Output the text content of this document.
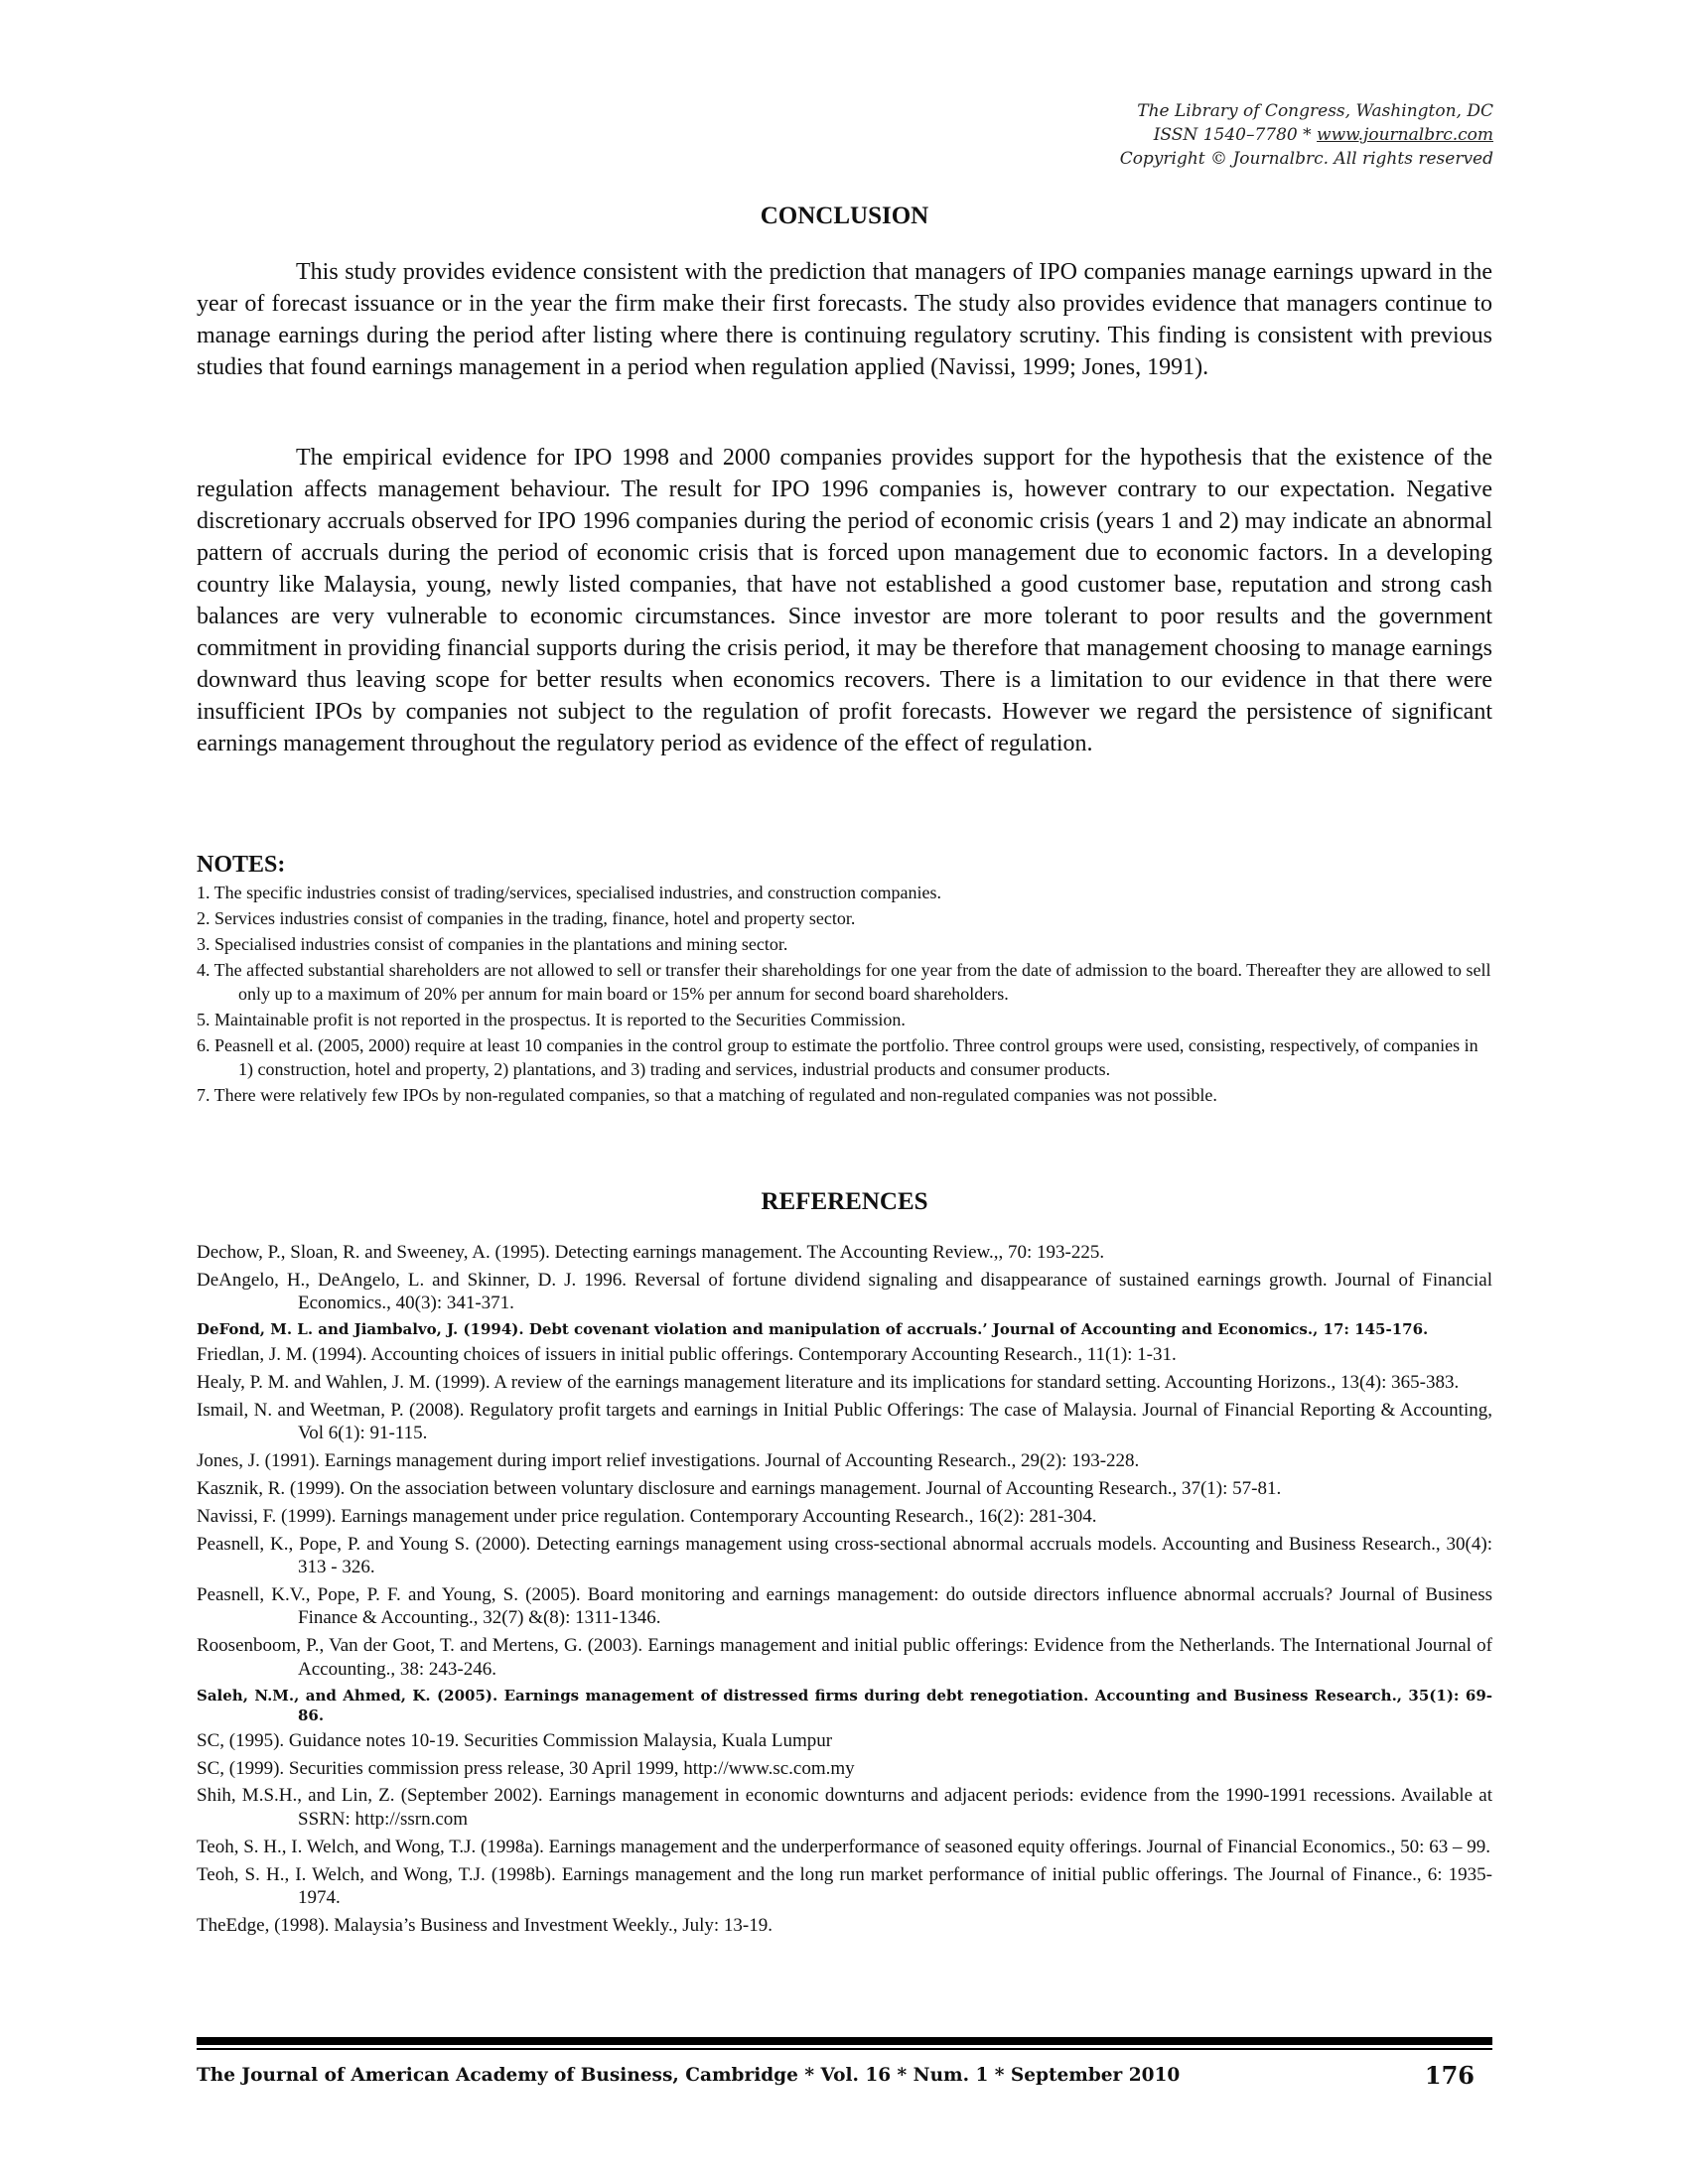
The Library of Congress, Washington, DC
ISSN 1540–7780 * www.journalbrc.com
Copyright © Journalbrc. All rights reserved
CONCLUSION

This study provides evidence consistent with the prediction that managers of IPO companies manage earnings upward in the year of forecast issuance or in the year the firm make their first forecasts. The study also provides evidence that managers continue to manage earnings during the period after listing where there is continuing regulatory scrutiny. This finding is consistent with previous studies that found earnings management in a period when regulation applied (Navissi, 1999; Jones, 1991).

The empirical evidence for IPO 1998 and 2000 companies provides support for the hypothesis that the existence of the regulation affects management behaviour. The result for IPO 1996 companies is, however contrary to our expectation. Negative discretionary accruals observed for IPO 1996 companies during the period of economic crisis (years 1 and 2) may indicate an abnormal pattern of accruals during the period of economic crisis that is forced upon management due to economic factors. In a developing country like Malaysia, young, newly listed companies, that have not established a good customer base, reputation and strong cash balances are very vulnerable to economic circumstances. Since investor are more tolerant to poor results and the government commitment in providing financial supports during the crisis period, it may be therefore that management choosing to manage earnings downward thus leaving scope for better results when economics recovers. There is a limitation to our evidence in that there were insufficient IPOs by companies not subject to the regulation of profit forecasts. However we regard the persistence of significant earnings management throughout the regulatory period as evidence of the effect of regulation.

NOTES:
1. The specific industries consist of trading/services, specialised industries, and construction companies.
2. Services industries consist of companies in the trading, finance, hotel and property sector.
3. Specialised industries consist of companies in the plantations and mining sector.
4. The affected substantial shareholders are not allowed to sell or transfer their shareholdings for one year from the date of admission to the board. Thereafter they are allowed to sell only up to a maximum of 20% per annum for main board or 15% per annum for second board shareholders.
5. Maintainable profit is not reported in the prospectus. It is reported to the Securities Commission.
6. Peasnell et al. (2005, 2000) require at least 10 companies in the control group to estimate the portfolio. Three control groups were used, consisting, respectively, of companies in 1) construction, hotel and property, 2) plantations, and 3) trading and services, industrial products and consumer products.
7. There were relatively few IPOs by non-regulated companies, so that a matching of regulated and non-regulated companies was not possible.
REFERENCES
Dechow, P., Sloan, R. and Sweeney, A. (1995). Detecting earnings management. The Accounting Review.,, 70: 193-225.
DeAngelo, H., DeAngelo, L. and Skinner, D. J. 1996. Reversal of fortune dividend signaling and disappearance of sustained earnings growth. Journal of Financial Economics., 40(3): 341-371.
DeFond, M. L. and Jiambalvo, J. (1994). Debt covenant violation and manipulation of accruals.’ Journal of Accounting and Economics., 17: 145-176.
Friedlan, J. M. (1994). Accounting choices of issuers in initial public offerings. Contemporary Accounting Research., 11(1): 1-31.
Healy, P. M. and Wahlen, J. M. (1999). A review of the earnings management literature and its implications for standard setting. Accounting Horizons., 13(4): 365-383.
Ismail, N. and Weetman, P. (2008). Regulatory profit targets and earnings in Initial Public Offerings: The case of Malaysia. Journal of Financial Reporting & Accounting, Vol 6(1): 91-115.
Jones, J. (1991). Earnings management during import relief investigations. Journal of Accounting Research., 29(2): 193-228.
Kasznik, R. (1999). On the association between voluntary disclosure and earnings management. Journal of Accounting Research., 37(1): 57-81.
Navissi, F. (1999). Earnings management under price regulation. Contemporary Accounting Research., 16(2): 281-304.
Peasnell, K., Pope, P. and Young S. (2000). Detecting earnings management using cross-sectional abnormal accruals models. Accounting and Business Research., 30(4): 313 - 326.
Peasnell, K.V., Pope, P. F. and Young, S. (2005). Board monitoring and earnings management: do outside directors influence abnormal accruals? Journal of Business Finance & Accounting., 32(7) &(8): 1311-1346.
Roosenboom, P., Van der Goot, T. and Mertens, G. (2003). Earnings management and initial public offerings: Evidence from the Netherlands. The International Journal of Accounting., 38: 243-246.
Saleh, N.M., and Ahmed, K. (2005). Earnings management of distressed firms during debt renegotiation. Accounting and Business Research., 35(1): 69-86.
SC, (1995). Guidance notes 10-19. Securities Commission Malaysia, Kuala Lumpur
SC, (1999). Securities commission press release, 30 April 1999, http://www.sc.com.my
Shih, M.S.H., and Lin, Z. (September 2002). Earnings management in economic downturns and adjacent periods: evidence from the 1990-1991 recessions. Available at SSRN: http://ssrn.com
Teoh, S. H., I. Welch, and Wong, T.J. (1998a). Earnings management and the underperformance of seasoned equity offerings. Journal of Financial Economics., 50: 63 – 99.
Teoh, S. H., I. Welch, and Wong, T.J. (1998b). Earnings management and the long run market performance of initial public offerings. The Journal of Finance., 6: 1935-1974.
TheEdge, (1998). Malaysia’s Business and Investment Weekly., July: 13-19.
The Journal of American Academy of Business, Cambridge * Vol. 16 * Num. 1 * September 2010	176
